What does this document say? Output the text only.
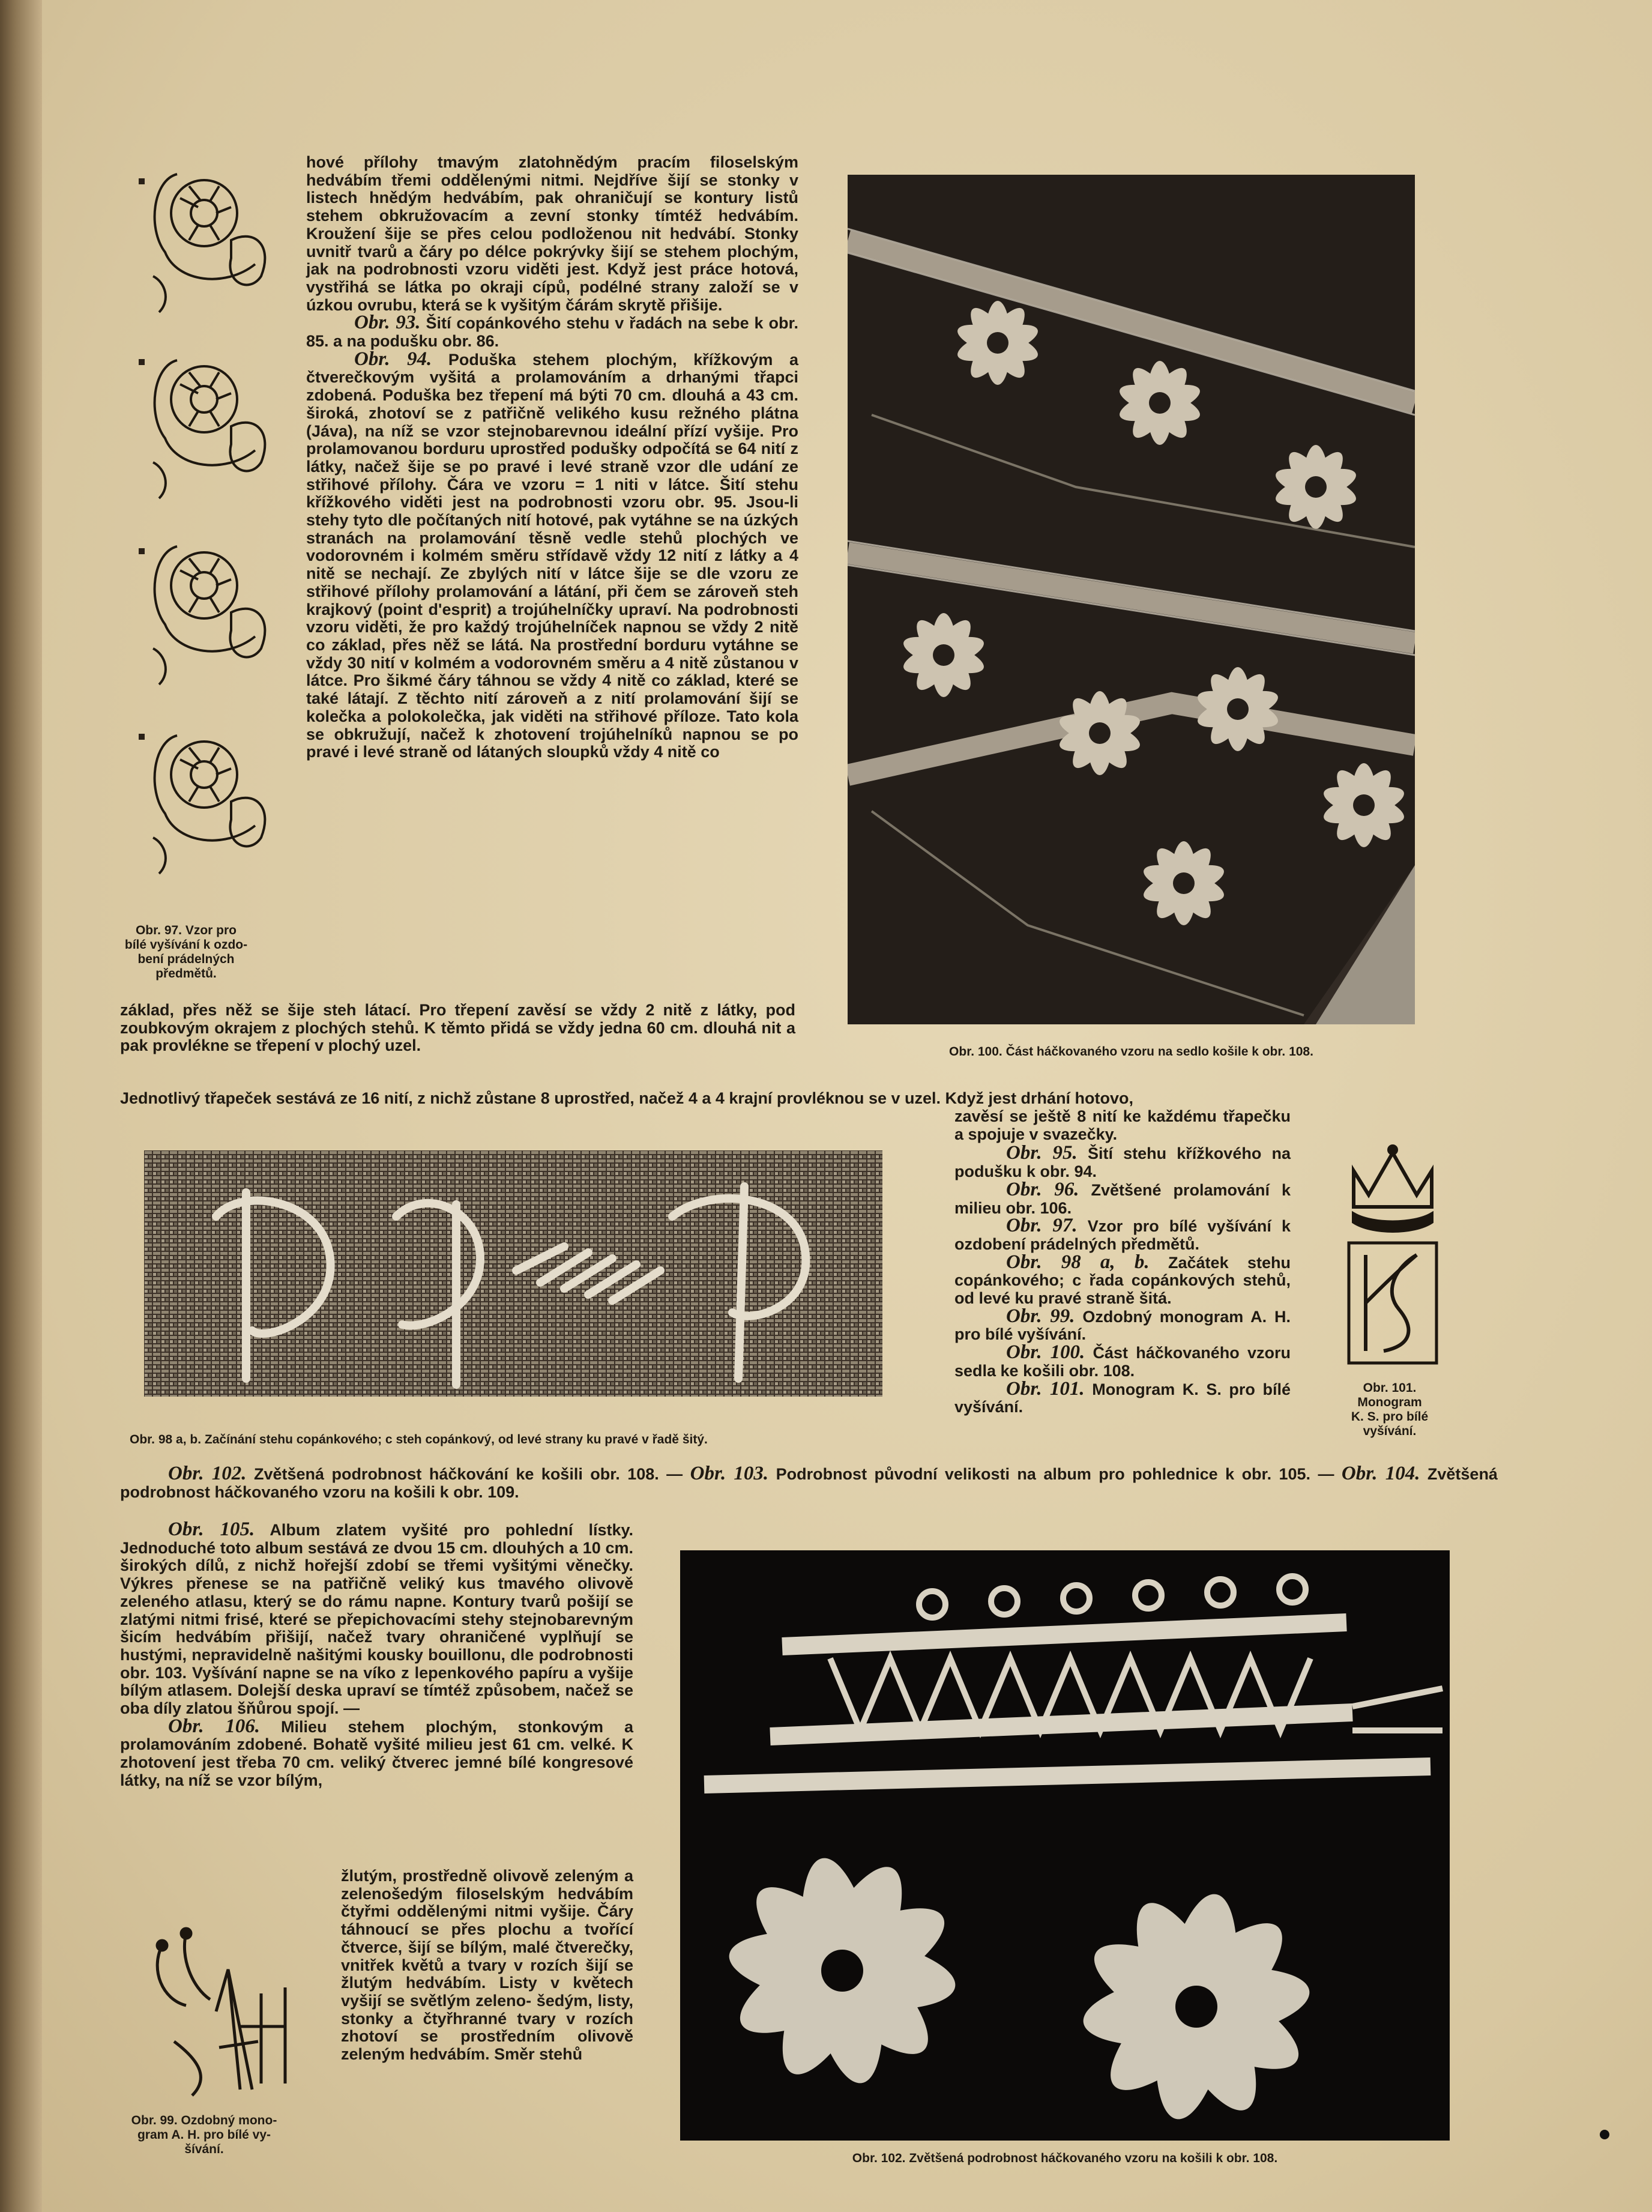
Obr. 97. Vzor pro
bílé vyšívání k ozdo-
bení prádelných
předmětů.

hové přílohy tmavým zlatohnědým pracím filoselským hedvábím třemi oddělenými nitmi. Nejdříve šijí se stonky v listech hnědým hedvábím, pak ohraničují se kontury listů stehem obkružovacím a zevní stonky tímtéž hedvábím. Kroužení šije se přes celou podloženou nit hedvábí. Stonky uvnitř tvarů a čáry po délce pokrývky šijí se stehem plochým, jak na podrobnosti vzoru viděti jest. Když jest práce hotová, vystřihá se látka po okraji cípů, podélné strany založí se v úzkou ovrubu, která se k vyšitým čárám skrytě přišije.

Obr. 93. Šití copánkového stehu v řadách na sebe k obr. 85. a na podušku obr. 86.

Obr. 94. Poduška stehem plochým, křížkovým a čtverečkovým vyšitá a prolamováním a drhanými třapci zdobená. Poduška bez třepení má býti 70 cm. dlouhá a 43 cm. široká, zhotoví se z patřičně velikého kusu režného plátna (Jáva), na níž se vzor stejnobarevnou ideální přízí vyšije. Pro prolamovanou borduru uprostřed podušky odpočítá se 64 nití z látky, načež šije se po pravé i levé straně vzor dle udání ze střihové přílohy. Čára ve vzoru = 1 niti v látce. Šití stehu křížkového viděti jest na podrobnosti vzoru obr. 95. Jsou-li stehy tyto dle počítaných nití hotové, pak vytáhne se na úzkých stranách na prolamování těsně vedle stehů plochých ve vodorovném i kolmém směru střídavě vždy 12 nití z látky a 4 nitě se nechají. Ze zbylých nití v látce šije se dle vzoru ze střihové přílohy prolamování a látání, při čem se zároveň steh krajkový (point d'esprit) a trojúhelníčky upraví. Na podrobnosti vzoru viděti, že pro každý trojúhelníček napnou se vždy 2 nitě co základ, přes něž se látá. Na prostřední borduru vytáhne se vždy 30 nití v kolmém a vodorovném směru a 4 nitě zůstanou v látce. Pro šikmé čáry táhnou se vždy 4 nitě co základ, které se také látají. Z těchto nití zároveň a z nití prolamování šijí se kolečka a polokolečka, jak viděti na střihové příloze. Tato kola se obkružují, načež k zhotovení trojúhelníků napnou se po pravé i levé straně od látaných sloupků vždy 4 nitě co

základ, přes něž se šije steh látací. Pro třepení zavěsí se vždy 2 nitě z látky, pod zoubkovým okrajem z plochých stehů. K těmto přidá se vždy jedna 60 cm. dlouhá nit a pak provlékne se třepení v plochý uzel.

Jednotlivý třapeček sestává ze 16 nití, z nichž zůstane 8 uprostřed, načež 4 a 4 krajní provléknou se v uzel. Když jest drhání hotovo,

Obr. 100. Část háčkovaného vzoru na sedlo košile k obr. 108.
Obr. 98 a, b. Začínání stehu copánkového; c steh copánkový, od levé strany ku pravé v řadě šitý.

zavěsí se ještě 8 nití ke každému třapečku a spojuje v svazečky.

Obr. 95. Šití stehu křížkového na podušku k obr. 94.

Obr. 96. Zvětšené prolamování k milieu obr. 106.

Obr. 97. Vzor pro bílé vyšívání k ozdobení prádelných předmětů.

Obr. 98 a, b. Začátek stehu copánkového; c řada copánkových stehů, od levé ku pravé straně šitá.

Obr. 99. Ozdobný monogram A. H. pro bílé vyšívání.

Obr. 100. Část háčkovaného vzoru sedla ke košili obr. 108.

Obr. 101. Monogram K. S. pro bílé vyšívání.

Obr. 101.
Monogram
K. S. pro bílé
vyšívání.

Obr. 102. Zvětšená podrobnost háčkování ke košili obr. 108. — Obr. 103. Podrobnost původní velikosti na album pro pohlednice k obr. 105. — Obr. 104. Zvětšená podrobnost háčkovaného vzoru na košili k obr. 109.

Obr. 105. Album zlatem vyšité pro pohlední lístky. Jednoduché toto album sestává ze dvou 15 cm. dlouhých a 10 cm. širokých dílů, z nichž hořejší zdobí se třemi vyšitými věnečky. Výkres přenese se na patřičně veliký kus tmavého olivově zeleného atlasu, který se do rámu napne. Kontury tvarů pošijí se zlatými nitmi frisé, které se přepichovacími stehy stejnobarevným šicím hedvábím přišijí, načež tvary ohraničené vyplňují se hustými, nepravidelně našitými kousky bouillonu, dle podrobnosti obr. 103. Vyšívání napne se na víko z lepenkového papíru a vyšije bílým atlasem. Dolejší deska upraví se tímtéž způsobem, načež se oba díly zlatou šňůrou spojí. —

Obr. 106. Milieu stehem plochým, stonkovým a prolamováním zdobené. Bohatě vyšité milieu jest 61 cm. velké. K zhotovení jest třeba 70 cm. veliký čtverec jemné bílé kongresové látky, na níž se vzor bílým,

žlutým, prostředně olivově zeleným a zelenošedým filoselským hedvábím čtyřmi oddělenými nitmi vyšije. Čáry táhnoucí se přes plochu a tvořící čtverce, šijí se bílým, malé čtverečky, vnitřek květů a tvary v rozích šijí se žlutým hedvábím. Listy v květech vyšijí se světlým zeleno- šedým, listy, stonky a čtyřhranné tvary v rozích zhotoví se prostředním olivově zeleným hedvábím. Směr stehů

Obr. 99. Ozdobný mono-
gram A. H. pro bílé vy-
šívání.
Obr. 102. Zvětšená podrobnost háčkovaného vzoru na košili k obr. 108.
